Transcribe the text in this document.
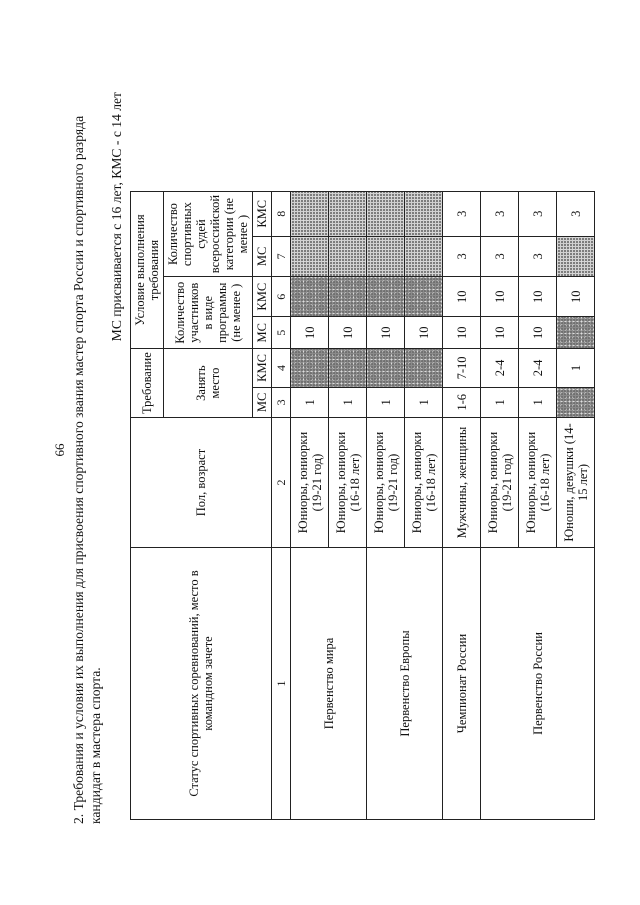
66 2. Требования и условия их выполнения для присвоения спортивного звания мастер спорта России и спортивного разряда кандидат в мастера спорта.
МС присваивается с 16 лет, КМС - с 14 лет
Статус спортивных соревнований, место в командном зачете	Пол, возраст	Требование		Условие выполнения требования			
		Занять место		Количество участников в виде программы (не менее )		Количество спортивных судей всероссийской категории (не менее )	
		МС	КМС	МС	КМС	МС	КМС
1	2	3	4	5	6	7	8
Первенство мира	Юниоры, юниорки (19-21 год)	1		10			
	Юниоры, юниорки (16-18 лет)	1		10			
Первенство Европы	Юниоры, юниорки (19-21 год)	1		10			
	Юниоры, юниорки (16-18 лет)	1		10			
Чемпионат России	Мужчины, женщины	1-6	7-10	10	10	3	3
Первенство России	Юниоры, юниорки (19-21 год)	1	2-4	10	10	3	3
	Юниоры, юниорки (16-18 лет)	1	2-4	10	10	3	3
	Юноши, девушки (14-15 лет)		1		10		3
